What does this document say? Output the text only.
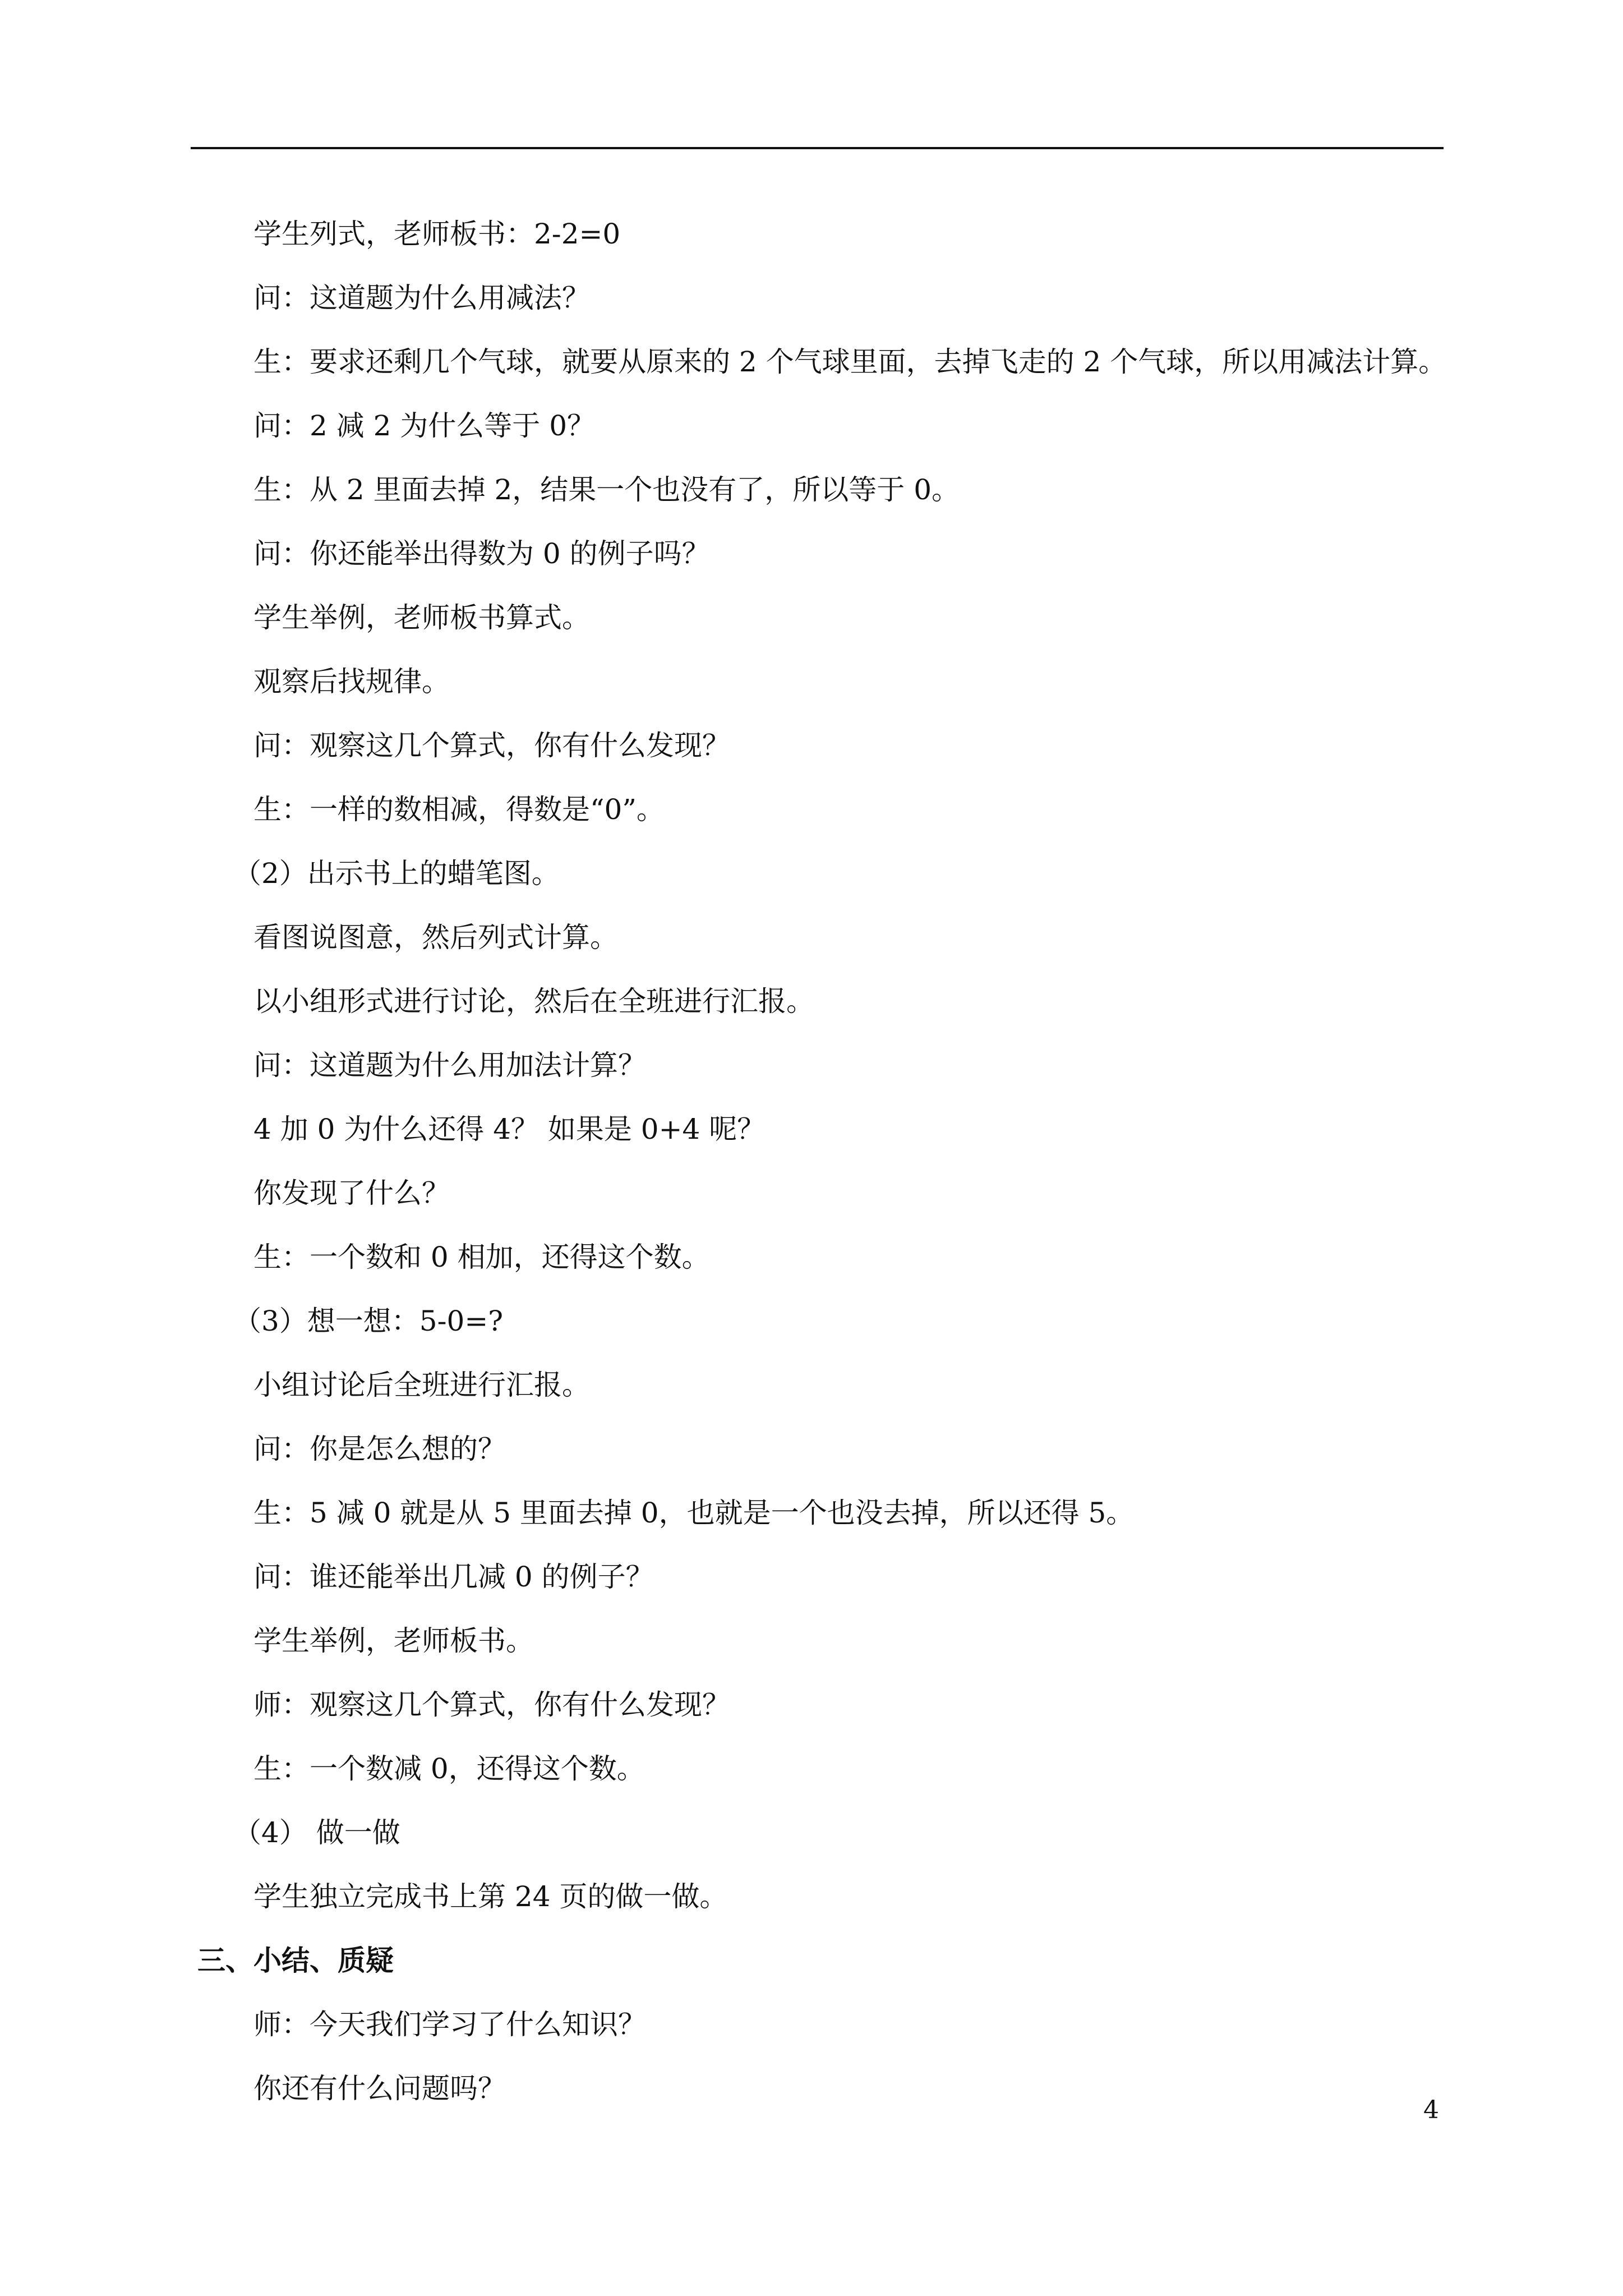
学生列式，老师板书：2-2=0
问：这道题为什么用减法？
生：要求还剩几个气球，就要从原来的 2 个气球里面，去掉飞走的 2 个气球，所以用减法计算。
问：2 减 2 为什么等于 0？
生：从 2 里面去掉 2，结果一个也没有了，所以等于 0。
问：你还能举出得数为 0 的例子吗？
学生举例，老师板书算式。
观察后找规律。
问：观察这几个算式，你有什么发现？
生：一样的数相减，得数是“0”。
（2）出示书上的蜡笔图。
看图说图意，然后列式计算。
以小组形式进行讨论，然后在全班进行汇报。
问：这道题为什么用加法计算？
4 加 0 为什么还得 4？ 如果是 0+4 呢？
你发现了什么？
生：一个数和 0 相加，还得这个数。
（3）想一想：5-0=?
小组讨论后全班进行汇报。
问：你是怎么想的？
生：5 减 0 就是从 5 里面去掉 0，也就是一个也没去掉，所以还得 5。
问：谁还能举出几减 0 的例子？
学生举例，老师板书。
师：观察这几个算式，你有什么发现？
生：一个数减 0，还得这个数。
（4） 做一做
学生独立完成书上第 24 页的做一做。
三、小结、质疑
师：今天我们学习了什么知识？
你还有什么问题吗？
4
